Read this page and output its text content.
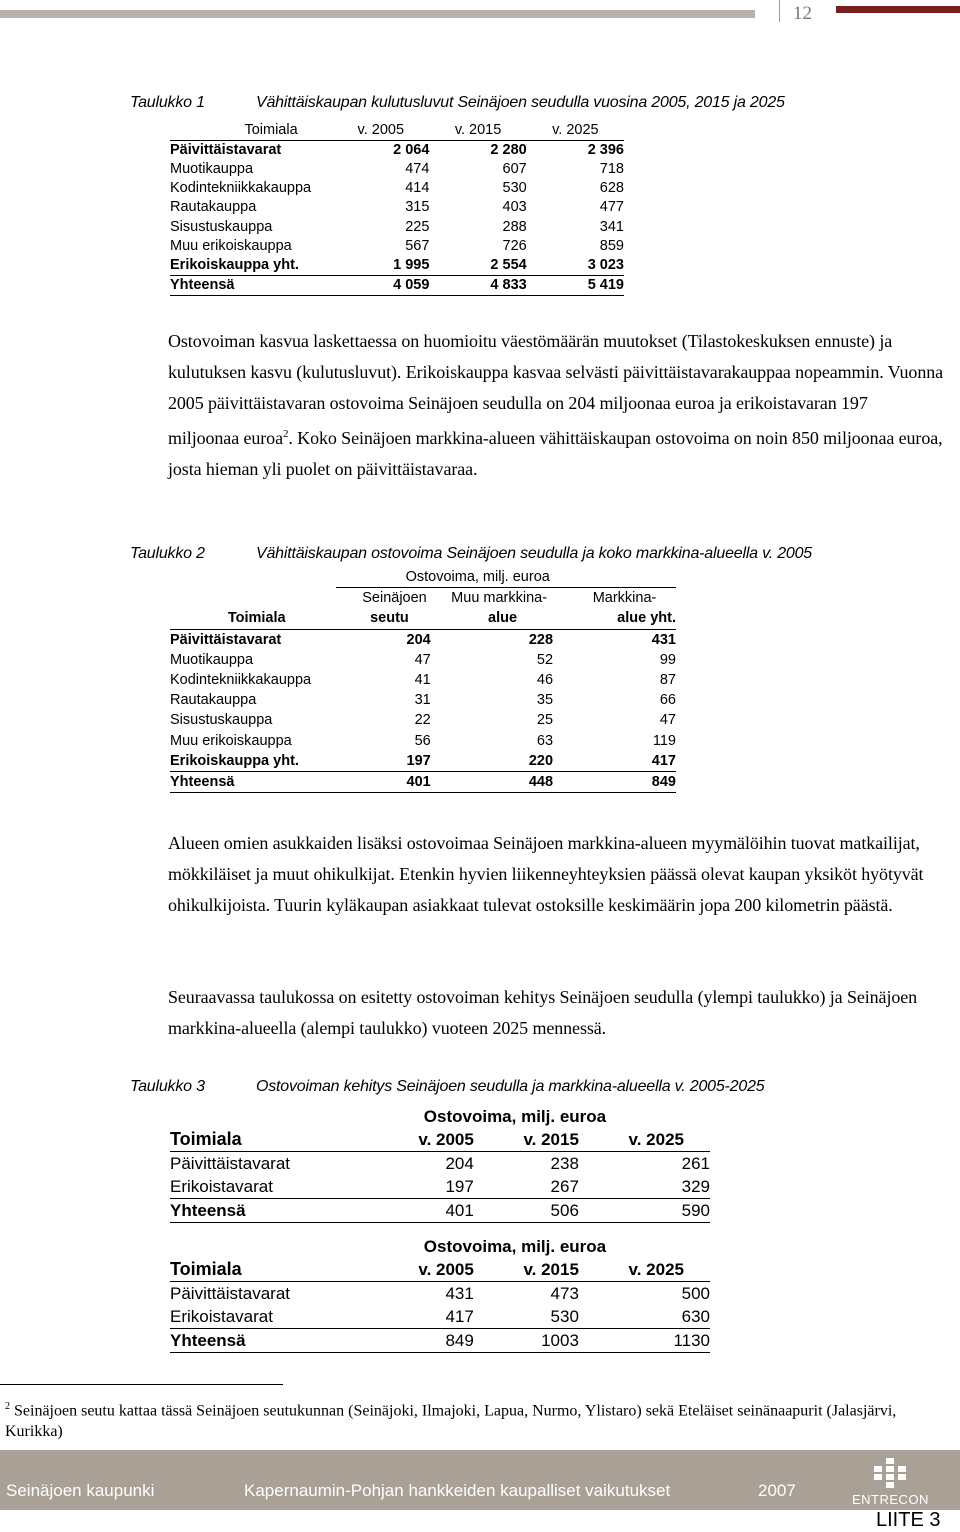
12
Taulukko 1	Vähittäiskaupan kulutusluvut Seinäjoen seudulla vuosina 2005, 2015 ja 2025
Toimiala	v. 2005	v. 2015	v. 2025
Päivittäistavarat	2 064	2 280	2 396
Muotikauppa	474	607	718
Kodintekniikkakauppa	414	530	628
Rautakauppa	315	403	477
Sisustuskauppa	225	288	341
Muu erikoiskauppa	567	726	859
Erikoiskauppa yht.	1 995	2 554	3 023
Yhteensä	4 059	4 833	5 419

Ostovoiman kasvua laskettaessa on huomioitu väestömäärän muutokset (Tilastokeskuksen ennuste) ja kulutuksen kasvu (kulutusluvut). Erikoiskauppa kasvaa selvästi päivittäistavarakauppaa nopeammin. Vuonna 2005 päivittäistavaran ostovoima Seinäjoen seudulla on 204 miljoonaa euroa ja erikoistavaran 197 miljoonaa euroa$^2$. Koko Seinäjoen markkina-alueen vähittäiskaupan ostovoima on noin 850 miljoonaa euroa, josta hieman yli puolet on päivittäistavaraa.

Taulukko 2	Vähittäiskaupan ostovoima Seinäjoen seudulla ja koko markkina-alueella v. 2005
	Ostovoima, milj. euroa		
	Seinäjoen	Muu markkina-	Markkina-
Toimiala	seutu	alue	alue yht.
Päivittäistavarat	204	228	431
Muotikauppa	47	52	99
Kodintekniikkakauppa	41	46	87
Rautakauppa	31	35	66
Sisustuskauppa	22	25	47
Muu erikoiskauppa	56	63	119
Erikoiskauppa yht.	197	220	417
Yhteensä	401	448	849

Alueen omien asukkaiden lisäksi ostovoimaa Seinäjoen markkina-alueen myymälöihin tuovat matkailijat, mökkiläiset ja muut ohikulkijat. Etenkin hyvien liikenneyhteyksien päässä olevat kaupan yksiköt hyötyvät ohikulkijoista. Tuurin kyläkaupan asiakkaat tulevat ostoksille keskimäärin jopa 200 kilometrin päästä.

Seuraavassa taulukossa on esitetty ostovoiman kehitys Seinäjoen seudulla (ylempi taulukko) ja Seinäjoen markkina-alueella (alempi taulukko) vuoteen 2025 mennessä.

Taulukko 3	Ostovoiman kehitys Seinäjoen seudulla ja markkina-alueella v. 2005-2025
	Ostovoima, milj. euroa		
Toimiala	v. 2005	v. 2015	v. 2025
Päivittäistavarat	204	238	261
Erikoistavarat	197	267	329
Yhteensä	401	506	590
	Ostovoima, milj. euroa		
Toimiala	v. 2005	v. 2015	v. 2025
Päivittäistavarat	431	473	500
Erikoistavarat	417	530	630
Yhteensä	849	1003	1130
$^2$ Seinäjoen seutu kattaa tässä Seinäjoen seutukunnan (Seinäjoki, Ilmajoki, Lapua, Nurmo, Ylistaro) sekä Eteläiset seinänaapurit (Jalasjärvi, Kurikka)
Seinäjoen kaupunki	Kapernaumin-Pohjan hankkeiden kaupalliset vaikutukset	2007	ENTRECON
LIITE 3
